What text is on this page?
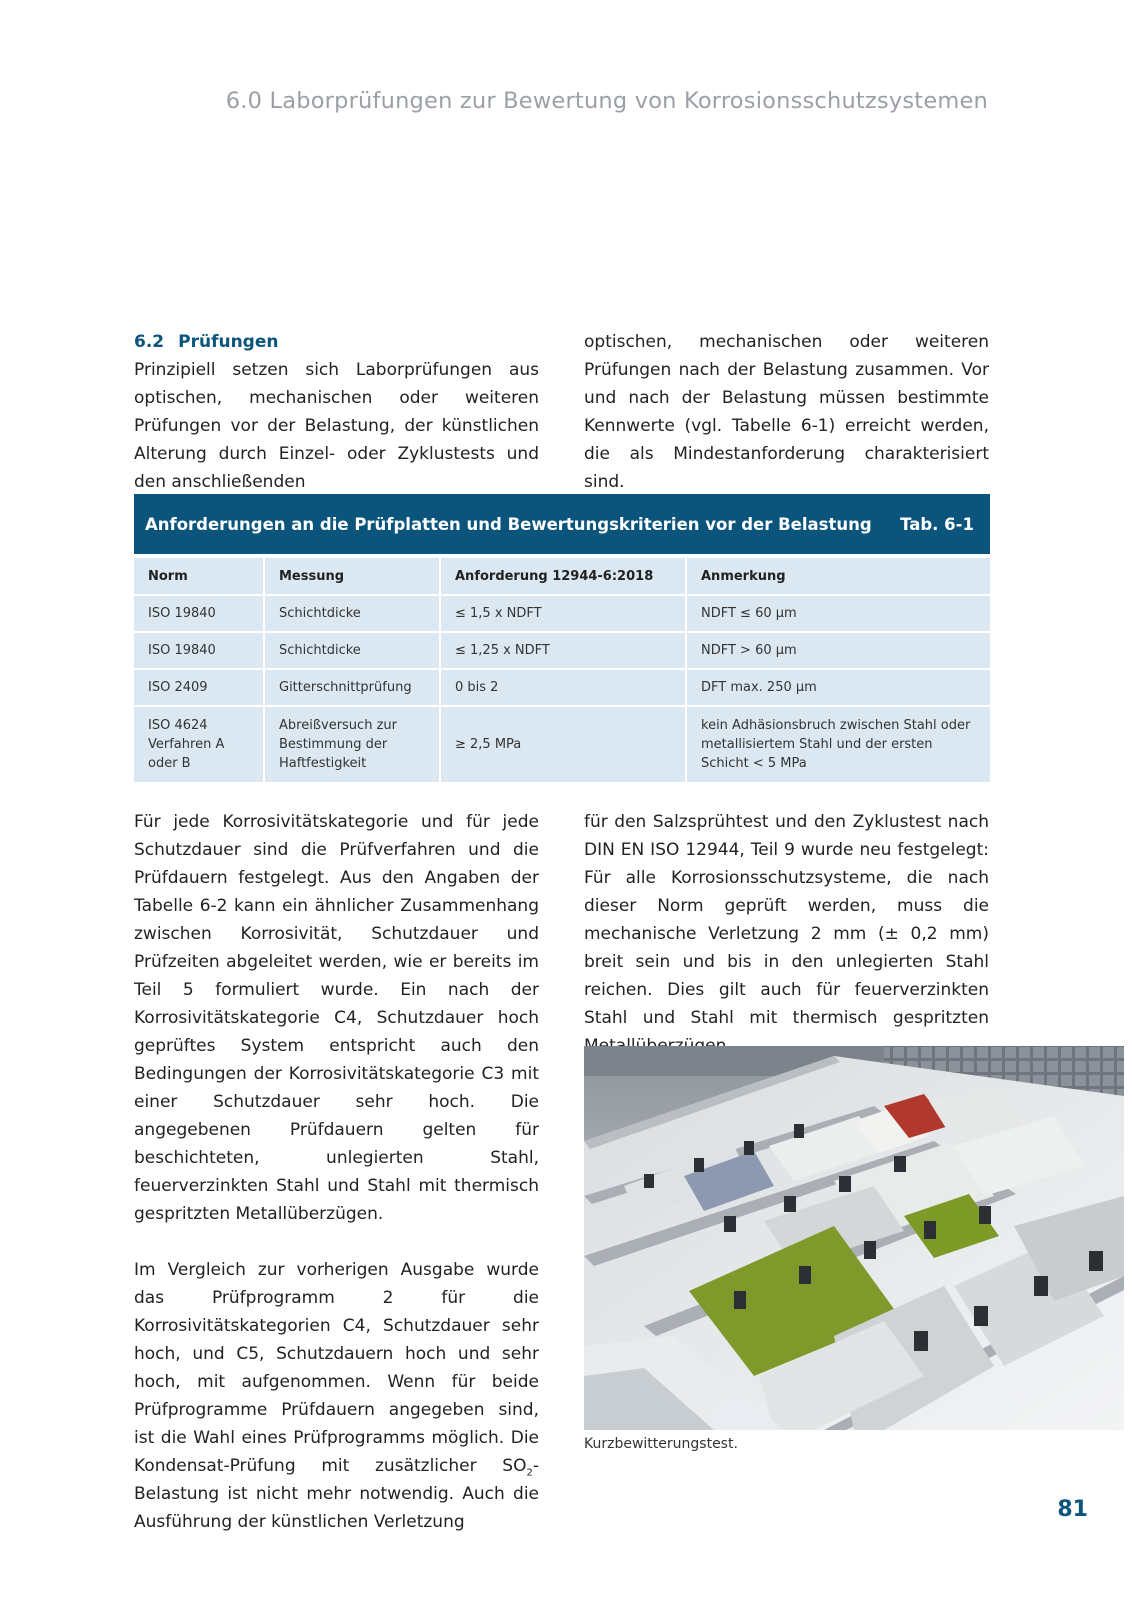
6.0 Laborprüfungen zur Bewertung von Korrosionsschutzsystemen
6.2 Prüfungen

Prinzipiell setzen sich Laborprüfungen aus optischen, mechanischen oder weiteren Prüfungen vor der Belastung, der künstlichen Alterung durch Einzel- oder Zyklustests und den anschließenden

optischen, mechanischen oder weiteren Prüfungen nach der Belastung zusammen. Vor und nach der Belastung müssen bestimmte Kennwerte (vgl. Tabelle 6-1) erreicht werden, die als Mindestanforderung charakterisiert sind.

Anforderungen an die Prüfplatten und Bewertungskriterien vor der Belastung Tab. 6-1
Norm	Messung	Anforderung 12944-6:2018	Anmerkung
ISO 19840	Schichtdicke	≤ 1,5 x NDFT	NDFT ≤ 60 μm
ISO 19840	Schichtdicke	≤ 1,25 x NDFT	NDFT > 60 μm
ISO 2409	Gitterschnittprüfung	0 bis 2	DFT max. 250 μm
ISO 4624 Verfahren A oder B	Abreißversuch zur Bestimmung der Haftfestigkeit	≥ 2,5 MPa	kein Adhäsionsbruch zwischen Stahl oder metallisiertem Stahl und der ersten Schicht < 5 MPa

Für jede Korrosivitätskategorie und für jede Schutzdauer sind die Prüfverfahren und die Prüfdauern festgelegt. Aus den Angaben der Tabelle 6-2 kann ein ähnlicher Zusammenhang zwischen Korrosivität, Schutzdauer und Prüfzeiten abgeleitet werden, wie er bereits im Teil 5 formuliert wurde. Ein nach der Korrosivitätskategorie C4, Schutzdauer hoch geprüftes System entspricht auch den Bedingungen der Korrosivitätskategorie C3 mit einer Schutzdauer sehr hoch. Die angegebenen Prüfdauern gelten für beschichteten, unlegierten Stahl, feuerverzinkten Stahl und Stahl mit thermisch gespritzten Metallüberzügen.

Im Vergleich zur vorherigen Ausgabe wurde das Prüfprogramm 2 für die Korrosivitätskategorien C4, Schutzdauer sehr hoch, und C5, Schutzdauern hoch und sehr hoch, mit aufgenommen. Wenn für beide Prüfprogramme Prüfdauern angegeben sind, ist die Wahl eines Prüfprogramms möglich. Die Kondensat-Prüfung mit zusätzlicher $SO_2$-Belastung ist nicht mehr notwendig. Auch die Ausführung der künstlichen Verletzung

für den Salzsprühtest und den Zyklustest nach DIN EN ISO 12944, Teil 9 wurde neu festgelegt: Für alle Korrosionsschutzsysteme, die nach dieser Norm geprüft werden, muss die mechanische Verletzung 2 mm (± 0,2 mm) breit sein und bis in den unlegierten Stahl reichen. Dies gilt auch für feuerverzinkten Stahl und Stahl mit thermisch gespritzten

Kurzbewitterungstest.

81
